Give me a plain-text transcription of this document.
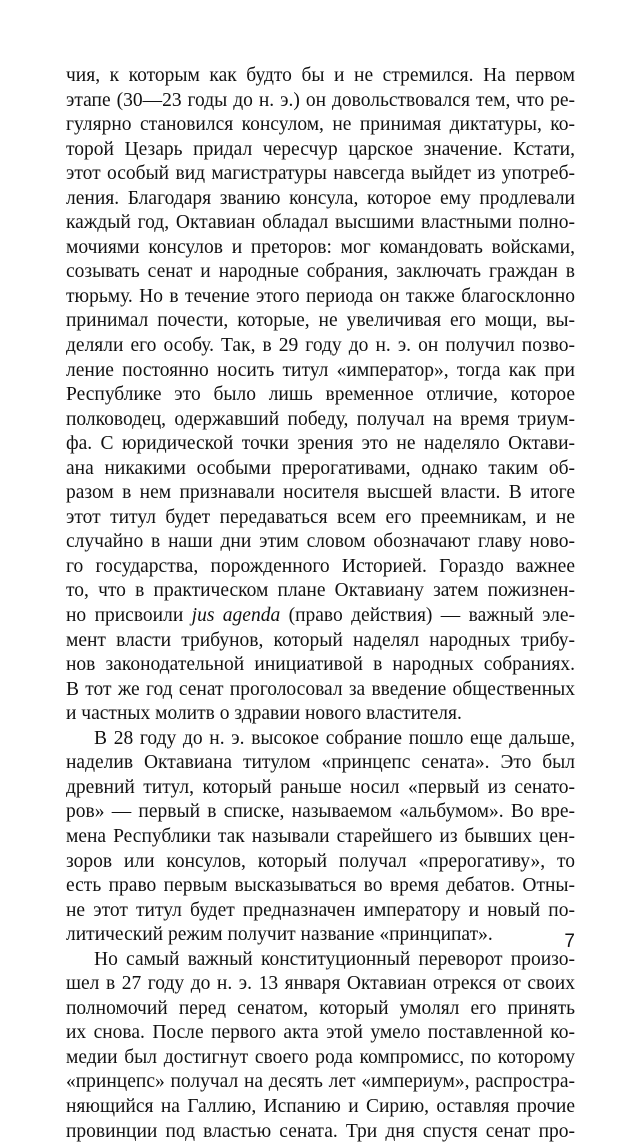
чия, к которым как будто бы и не стремился. На первом
этапе (30—23 годы до н. э.) он довольствовался тем, что ре-
гулярно становился консулом, не принимая диктатуры, ко-
торой Цезарь придал чересчур царское значение. Кстати,
этот особый вид магистратуры навсегда выйдет из употреб-
ления. Благодаря званию консула, которое ему продлевали
каждый год, Октавиан обладал высшими властными полно-
мочиями консулов и преторов: мог командовать войсками,
созывать сенат и народные собрания, заключать граждан в
тюрьму. Но в течение этого периода он также благосклонно
принимал почести, которые, не увеличивая его мощи, вы-
деляли его особу. Так, в 29 году до н. э. он получил позво-
ление постоянно носить титул «император», тогда как при
Республике это было лишь временное отличие, которое
полководец, одержавший победу, получал на время триум-
фа. С юридической точки зрения это не наделяло Октави-
ана никакими особыми прерогативами, однако таким об-
разом в нем признавали носителя высшей власти. В итоге
этот титул будет передаваться всем его преемникам, и не
случайно в наши дни этим словом обозначают главу ново-
го государства, порожденного Историей. Гораздо важнее
то, что в практическом плане Октавиану затем пожизнен-
но присвоили jus agenda (право действия) — важный эле-
мент власти трибунов, который наделял народных трибу-
нов законодательной инициативой в народных собраниях.
В тот же год сенат проголосовал за введение общественных
и частных молитв о здравии нового властителя.
В 28 году до н. э. высокое собрание пошло еще дальше,
наделив Октавиана титулом «принцепс сената». Это был
древний титул, который раньше носил «первый из сенато-
ров» — первый в списке, называемом «альбумом». Во вре-
мена Республики так называли старейшего из бывших цен-
зоров или консулов, который получал «прерогативу», то
есть право первым высказываться во время дебатов. Отны-
не этот титул будет предназначен императору и новый по-
литический режим получит название «принципат».
Но самый важный конституционный переворот произо-
шел в 27 году до н. э. 13 января Октавиан отрекся от своих
полномочий перед сенатом, который умолял его принять
их снова. После первого акта этой умело поставленной ко-
медии был достигнут своего рода компромисс, по которому
«принцепс» получал на десять лет «империум», распростра-
няющийся на Галлию, Испанию и Сирию, оставляя прочие
провинции под властью сената. Три дня спустя сенат про-
7
